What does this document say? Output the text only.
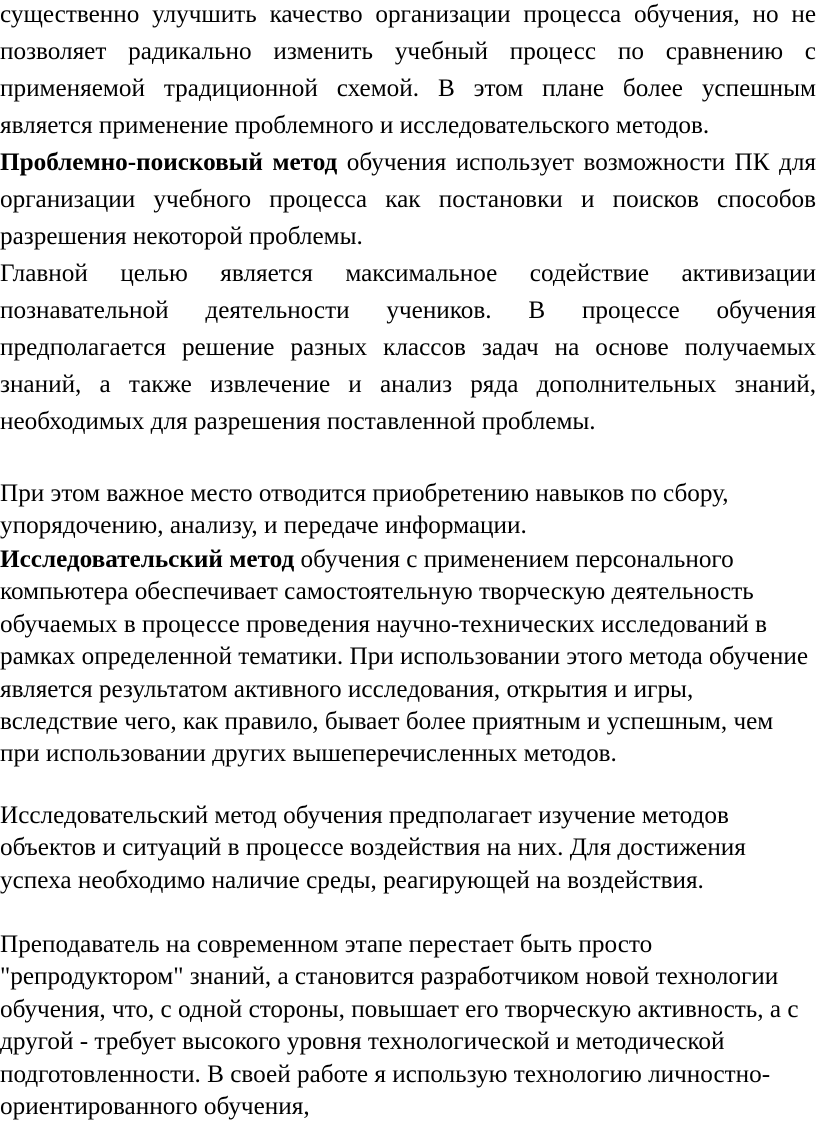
существенно улучшить качество организации процесса обучения, но не позволяет радикально изменить учебный процесс по сравнению с применяемой традиционной схемой. В этом плане более успешным является применение проблемного и исследовательского методов.

Проблемно-поисковый метод обучения использует возможности ПК для организации учебного процесса как постановки и поисков способов разрешения некоторой проблемы.

Главной целью является максимальное содействие активизации познавательной деятельности учеников. В процессе обучения предполагается решение разных классов задач на основе получаемых знаний, а также извлечение и анализ ряда дополнительных знаний, необходимых для разрешения поставленной проблемы.

При этом важное место отводится приобретению навыков по сбору, упорядочению, анализу, и передаче информации.

Исследовательский метод обучения с применением персонального компьютера обеспечивает самостоятельную творческую деятельность обучаемых в процессе проведения научно-технических исследований в рамках определенной тематики. При использовании этого метода обучение является результатом активного исследования, открытия и игры, вследствие чего, как правило, бывает более приятным и успешным, чем при использовании других вышеперечисленных методов.

Исследовательский метод обучения предполагает изучение методов объектов и ситуаций в процессе воздействия на них. Для достижения успеха необходимо наличие среды, реагирующей на воздействия.

Преподаватель на современном этапе перестает быть просто "репродуктором" знаний, а становится разработчиком новой технологии обучения, что, с одной стороны, повышает его творческую активность, а с другой - требует высокого уровня технологической и методической подготовленности. В своей работе я использую технологию личностно-ориентированного обучения,
